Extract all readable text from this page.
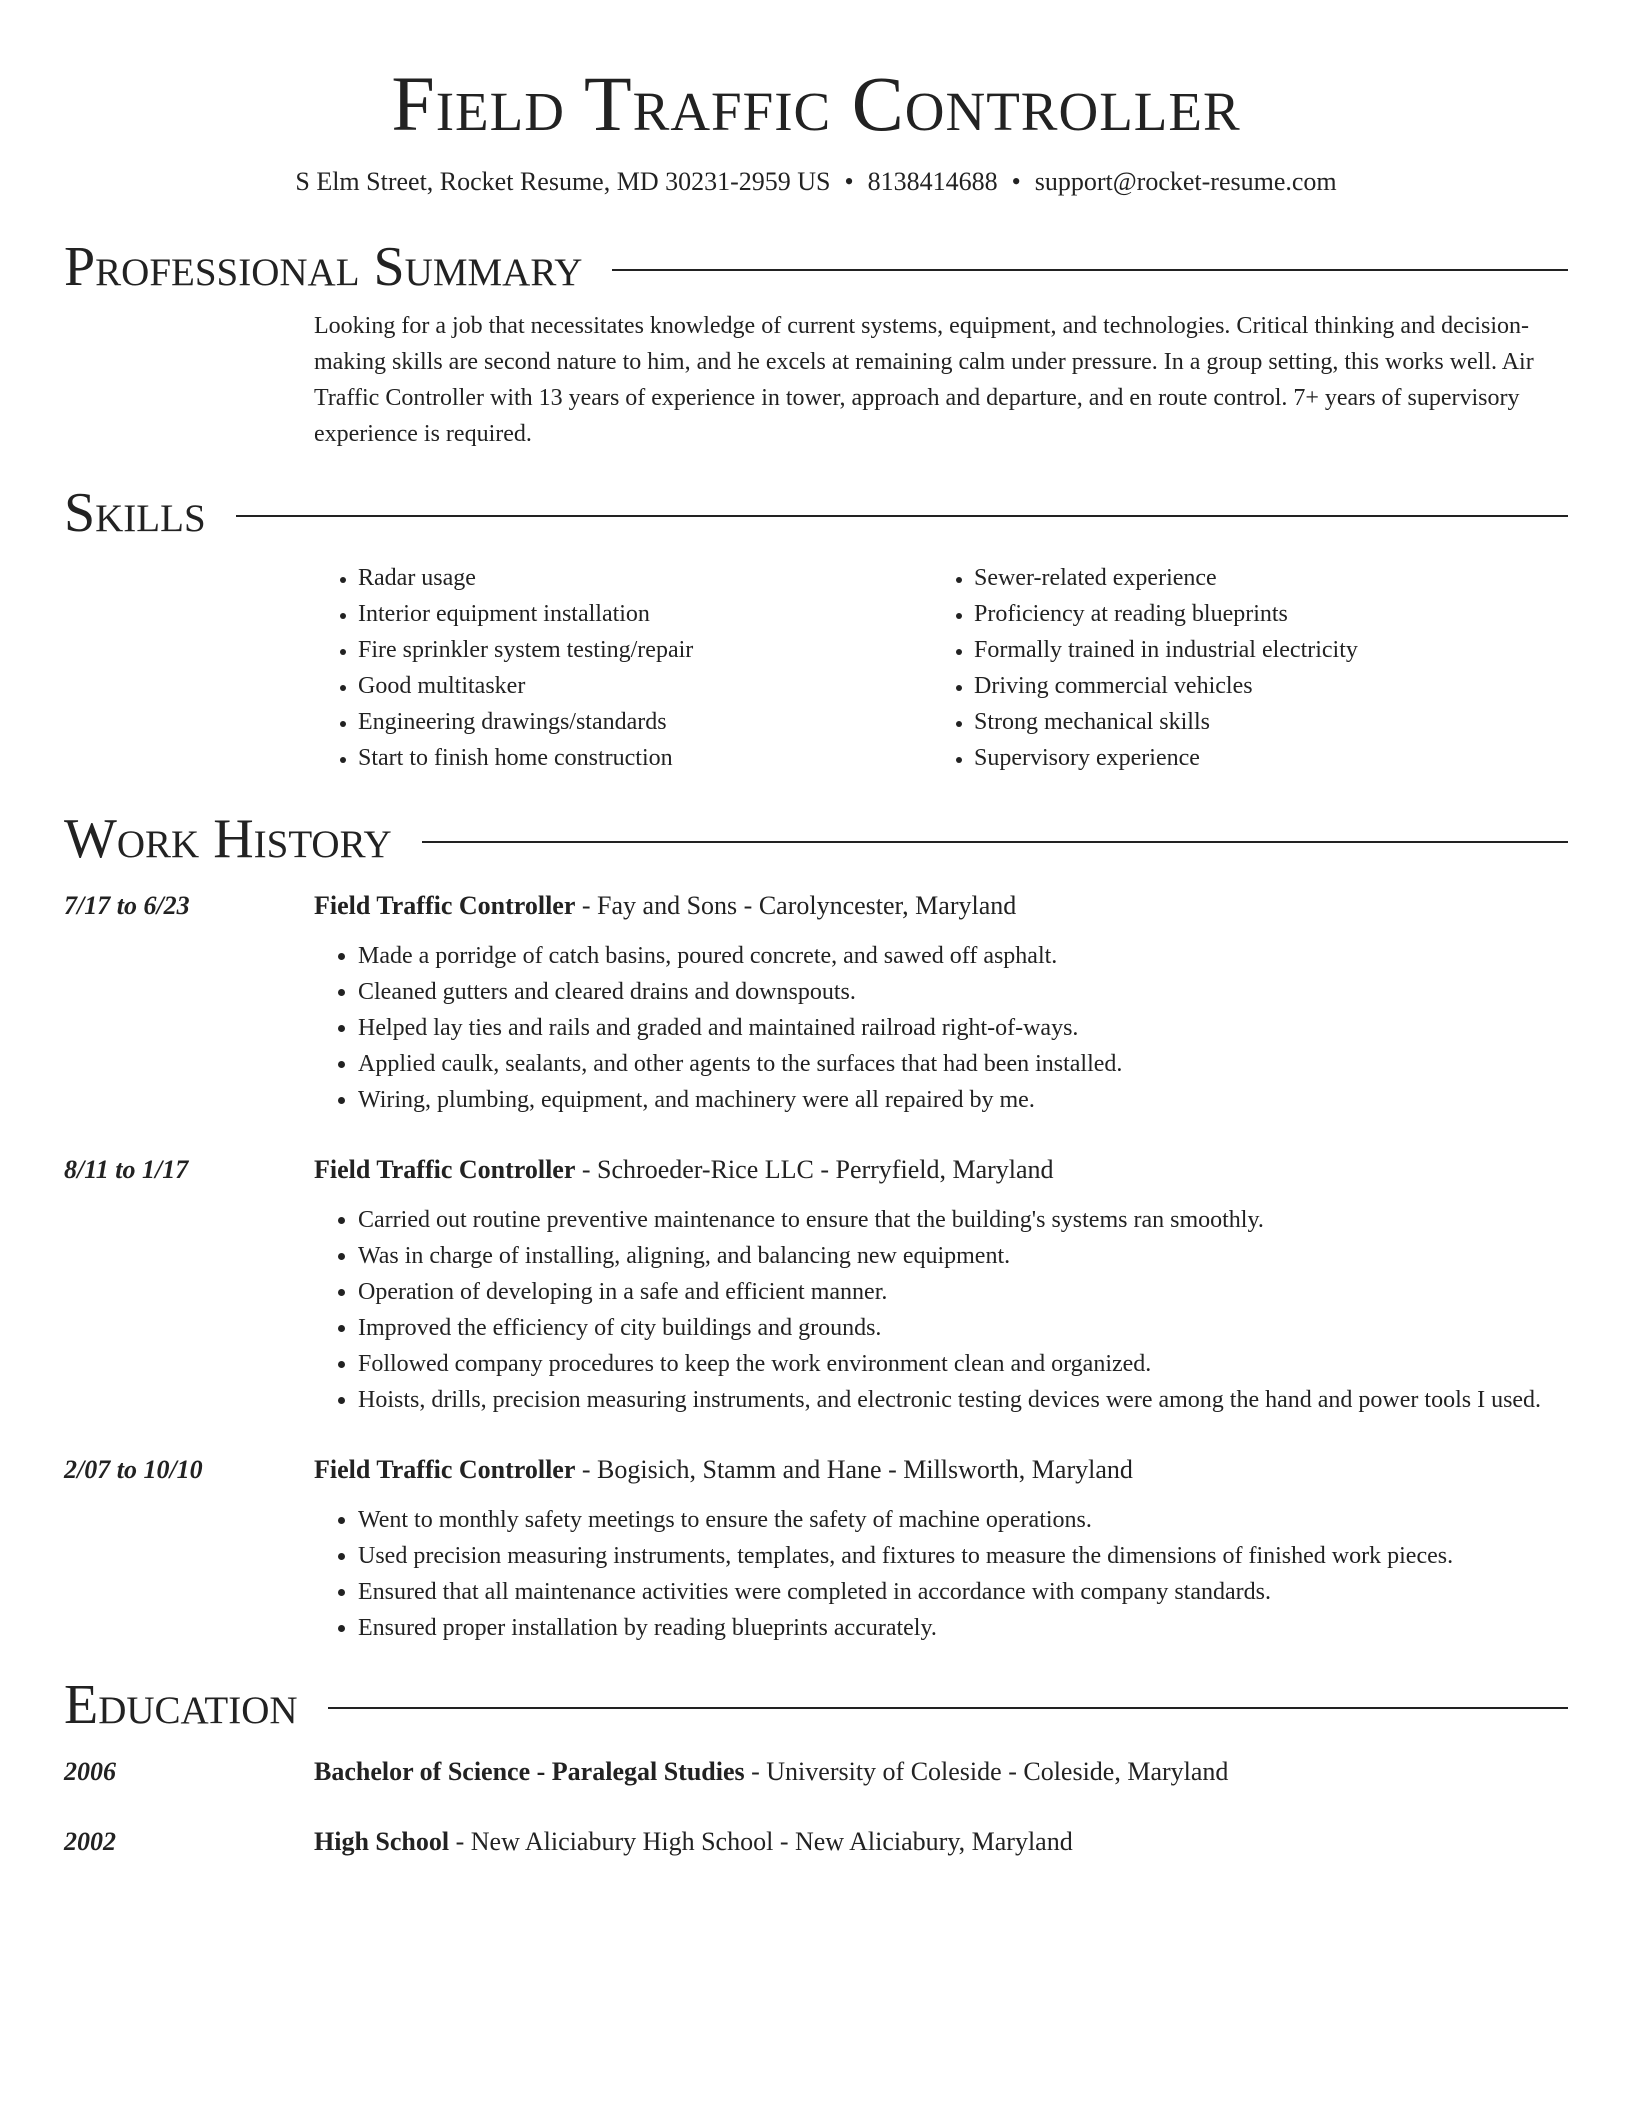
Field Traffic Controller
S Elm Street, Rocket Resume, MD 30231-2959 US • 8138414688 • support@rocket-resume.com
Professional Summary
Looking for a job that necessitates knowledge of current systems, equipment, and technologies. Critical thinking and decision-making skills are second nature to him, and he excels at remaining calm under pressure. In a group setting, this works well. Air Traffic Controller with 13 years of experience in tower, approach and departure, and en route control. 7+ years of supervisory experience is required.
Skills
• Radar usage
• Interior equipment installation
• Fire sprinkler system testing/repair
• Good multitasker
• Engineering drawings/standards
• Start to finish home construction
• Sewer-related experience
• Proficiency at reading blueprints
• Formally trained in industrial electricity
• Driving commercial vehicles
• Strong mechanical skills
• Supervisory experience
Work History
7/17 to 6/23	Field Traffic Controller - Fay and Sons - Carolyncester, Maryland
• Made a porridge of catch basins, poured concrete, and sawed off asphalt.
• Cleaned gutters and cleared drains and downspouts.
• Helped lay ties and rails and graded and maintained railroad right-of-ways.
• Applied caulk, sealants, and other agents to the surfaces that had been installed.
• Wiring, plumbing, equipment, and machinery were all repaired by me.
8/11 to 1/17	Field Traffic Controller - Schroeder-Rice LLC - Perryfield, Maryland
• Carried out routine preventive maintenance to ensure that the building's systems ran smoothly.
• Was in charge of installing, aligning, and balancing new equipment.
• Operation of developing in a safe and efficient manner.
• Improved the efficiency of city buildings and grounds.
• Followed company procedures to keep the work environment clean and organized.
• Hoists, drills, precision measuring instruments, and electronic testing devices were among the hand and power tools I used.
2/07 to 10/10	Field Traffic Controller - Bogisich, Stamm and Hane - Millsworth, Maryland
• Went to monthly safety meetings to ensure the safety of machine operations.
• Used precision measuring instruments, templates, and fixtures to measure the dimensions of finished work pieces.
• Ensured that all maintenance activities were completed in accordance with company standards.
• Ensured proper installation by reading blueprints accurately.
Education
2006	Bachelor of Science - Paralegal Studies - University of Coleside - Coleside, Maryland
2002	High School - New Aliciabury High School - New Aliciabury, Maryland
